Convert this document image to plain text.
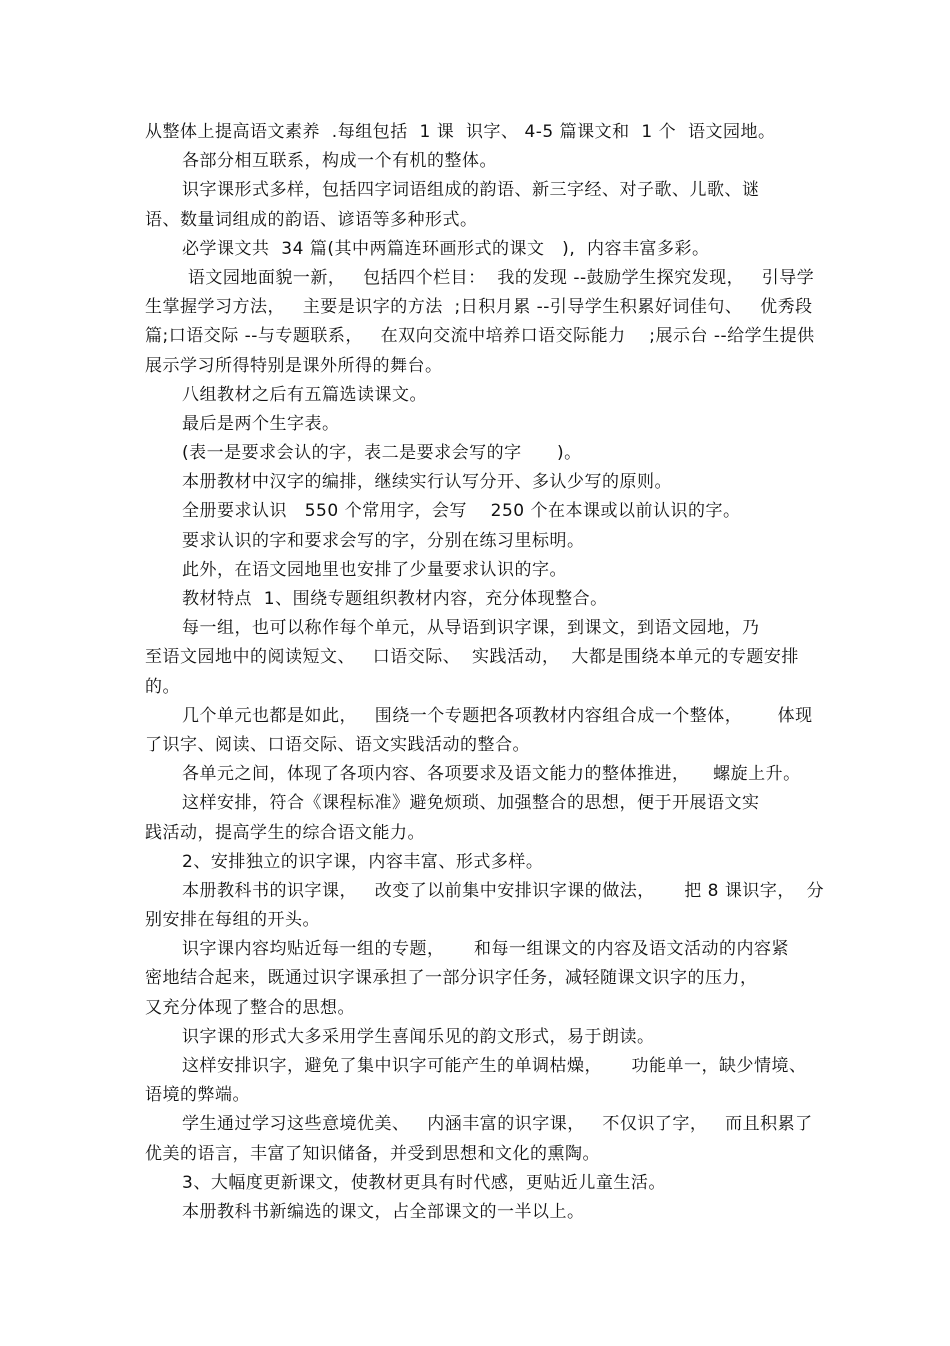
从整体上提高语文素养  .每组包括  1 课  识字、 4-5 篇课文和  1 个  语文园地。
各部分相互联系，构成一个有机的整体。
识字课形式多样，包括四字词语组成的韵语、新三字经、对子歌、儿歌、谜
语、数量词组成的韵语、谚语等多种形式。
必学课文共  34 篇(其中两篇连环画形式的课文   ),  内容丰富多彩。
语文园地面貌一新，   包括四个栏目：  我的发现 --鼓励学生探究发现，   引导学
生掌握学习方法，   主要是识字的方法  ;日积月累 --引导学生积累好词佳句、   优秀段
篇;口语交际 --与专题联系，   在双向交流中培养口语交际能力    ;展示台 --给学生提供
展示学习所得特别是课外所得的舞台。
八组教材之后有五篇选读课文。
最后是两个生字表。
(表一是要求会认的字，表二是要求会写的字      )。
本册教材中汉字的编排，继续实行认写分开、多认少写的原则。
全册要求认识   550 个常用字，会写    250 个在本课或以前认识的字。
要求认识的字和要求会写的字，分别在练习里标明。
此外，在语文园地里也安排了少量要求认识的字。
教材特点  1、围绕专题组织教材内容，充分体现整合。
每一组，也可以称作每个单元，从导语到识字课，到课文，到语文园地，乃
至语文园地中的阅读短文、   口语交际、  实践活动，  大都是围绕本单元的专题安排
的。
几个单元也都是如此，   围绕一个专题把各项教材内容组合成一个整体，      体现
了识字、阅读、口语交际、语文实践活动的整合。
各单元之间，体现了各项内容、各项要求及语文能力的整体推进，    螺旋上升。
这样安排，符合《课程标准》避免烦琐、加强整合的思想，便于开展语文实
践活动，提高学生的综合语文能力。
2、安排独立的识字课，内容丰富、形式多样。
本册教科书的识字课，   改变了以前集中安排识字课的做法，     把 8 课识字，  分
别安排在每组的开头。
识字课内容均贴近每一组的专题，     和每一组课文的内容及语文活动的内容紧
密地结合起来，既通过识字课承担了一部分识字任务，减轻随课文识字的压力，
又充分体现了整合的思想。
识字课的形式大多采用学生喜闻乐见的韵文形式，易于朗读。
这样安排识字，避免了集中识字可能产生的单调枯燥，     功能单一，缺少情境、
语境的弊端。
学生通过学习这些意境优美、   内涵丰富的识字课，   不仅识了字，   而且积累了
优美的语言，丰富了知识储备，并受到思想和文化的熏陶。
3、大幅度更新课文，使教材更具有时代感，更贴近儿童生活。
本册教科书新编选的课文，占全部课文的一半以上。
